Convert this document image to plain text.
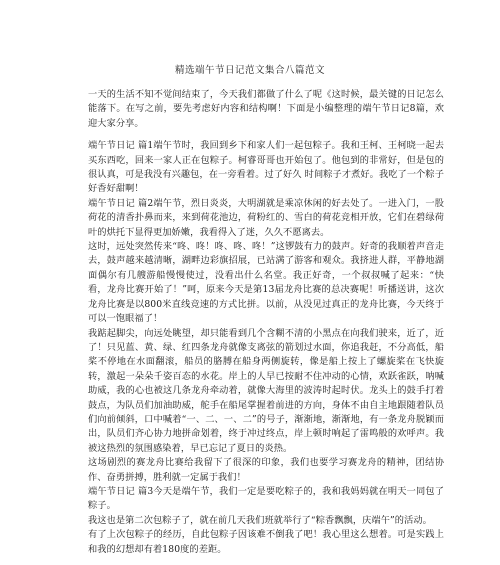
精选端午节日记范文集合八篇范文

一天的生活不知不觉间结束了，今天我们都做了什么了呢《这时候，最关键的日记怎么能落下。在写之前，要先考虑好内容和结构啊！下面是小编整理的端午节日记8篇，欢迎大家分享。

端午节日记 篇1端午节时，我回到乡下和家人们一起包粽子。我和王柯、王柯晓一起去买东西吃，回来一家人正在包粽子。柯睿哥哥也开始包了。他包到的非常好，但是包的很认真，可是我没有兴趣包，在一旁看着。过了好久 时间粽子才煮好。我吃了一个粽子好香好甜啊！

端午节日记 篇2端午节，烈日炎炎，大明湖就是乘凉休闲的好去处了。一进入门，一股荷花的清香扑鼻而来，来到荷花池边，荷粉红的、雪白的荷花竞相开放，它们在碧绿荷叶的烘托下显得更加娇嫩，我看得入了迷，久久不愿离去。

这时，远处突然传来“咚、咚！咚、咚、咚！”这锣鼓有力的鼓声。好奇的我顺着声音走去，鼓声越来越清晰，湖畔边彩旗招展，已站满了游客和观众。我挤进人群，平静地湖面偶尔有几艘游船慢慢使过，没看出什么名堂。我正好奇，一个叔叔喊了起来：“快看，龙舟比赛开始了！”呵，原来今天是第13届龙舟比赛的总决赛呢！听播送讲，这次龙舟比赛是以800米直线竞速的方式比拼。以前，从没见过真正的龙舟比赛，今天终于可以一饱眼福了！

我踮起脚尖，向远处眺望，却只能看到几个含糊不清的小黑点在向我们驶来，近了，近了！只见蓝、黄、绿、红四条龙舟就像支离弦的箭划过水面，你追我赶，不分高低，船桨不停地在水面翻滚，船员的胳膊在船身两侧旋转，像是船上按上了螺旋桨在飞快旋转，激起一朵朵千姿百态的水花。岸上的人早已按耐不住冲动的心情，欢跃雀跃，呐喊助威，我的心也被这几条龙舟牵动着，就像大海里的波涛时起时伏。龙头上的鼓手打着鼓点，为队员们加油助威，舵手在船尾掌握着前进的方向，身体不由自主地跟随着队员们向前倾斜，口中喊着“一、二、一、二”的号子，渐渐地，渐渐地，有一条龙舟脱颖而出，队员们齐心协力地拼命划着，终于冲过终点，岸上顿时响起了雷鸣般的欢呼声。我被这热烈的氛围感染着，早已忘记了夏日的炎热。

这场剧烈的赛龙舟比赛给我留下了很深的印象，我们也要学习赛龙舟的精神，团结协作、奋勇拼搏，胜利就一定属于我们！

端午节日记 篇3今天是端午节，我们一定是要吃粽子的，我和我妈妈就在明天一同包了粽子。

我这也是第二次包粽子了，就在前几天我们班就举行了“粽香飘飘，庆端午”的活动。

有了上次包粽子的经历，自此包粽子因该难不倒我了吧！我心里这么想着。可是实践上和我的幻想却有着180度的差距。
